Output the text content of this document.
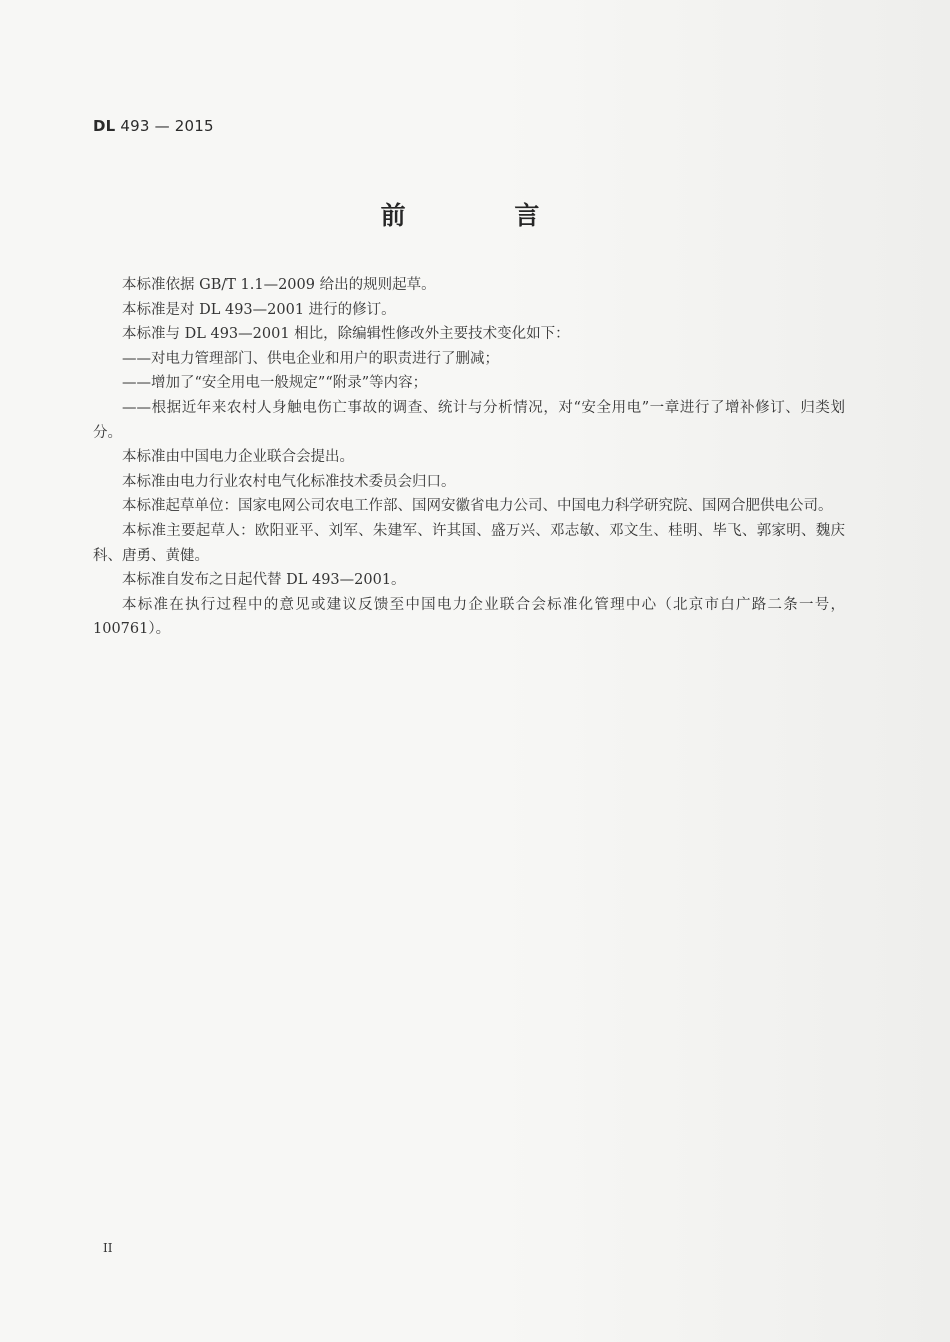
DL 493 — 2015
前 言

本标准依据 GB/T 1.1—2009 给出的规则起草。

本标准是对 DL 493—2001 进行的修订。

本标准与 DL 493—2001 相比，除编辑性修改外主要技术变化如下：

——对电力管理部门、供电企业和用户的职责进行了删减；

——增加了“安全用电一般规定”“附录”等内容；

——根据近年来农村人身触电伤亡事故的调查、统计与分析情况，对“安全用电”一章进行了增补修订、归类划分。

本标准由中国电力企业联合会提出。

本标准由电力行业农村电气化标准技术委员会归口。

本标准起草单位：国家电网公司农电工作部、国网安徽省电力公司、中国电力科学研究院、国网合肥供电公司。

本标准主要起草人：欧阳亚平、刘军、朱建军、许其国、盛万兴、邓志敏、邓文生、桂明、毕飞、郭家明、魏庆科、唐勇、黄健。

本标准自发布之日起代替 DL 493—2001。

本标准在执行过程中的意见或建议反馈至中国电力企业联合会标准化管理中心（北京市白广路二条一号，100761）。

II
